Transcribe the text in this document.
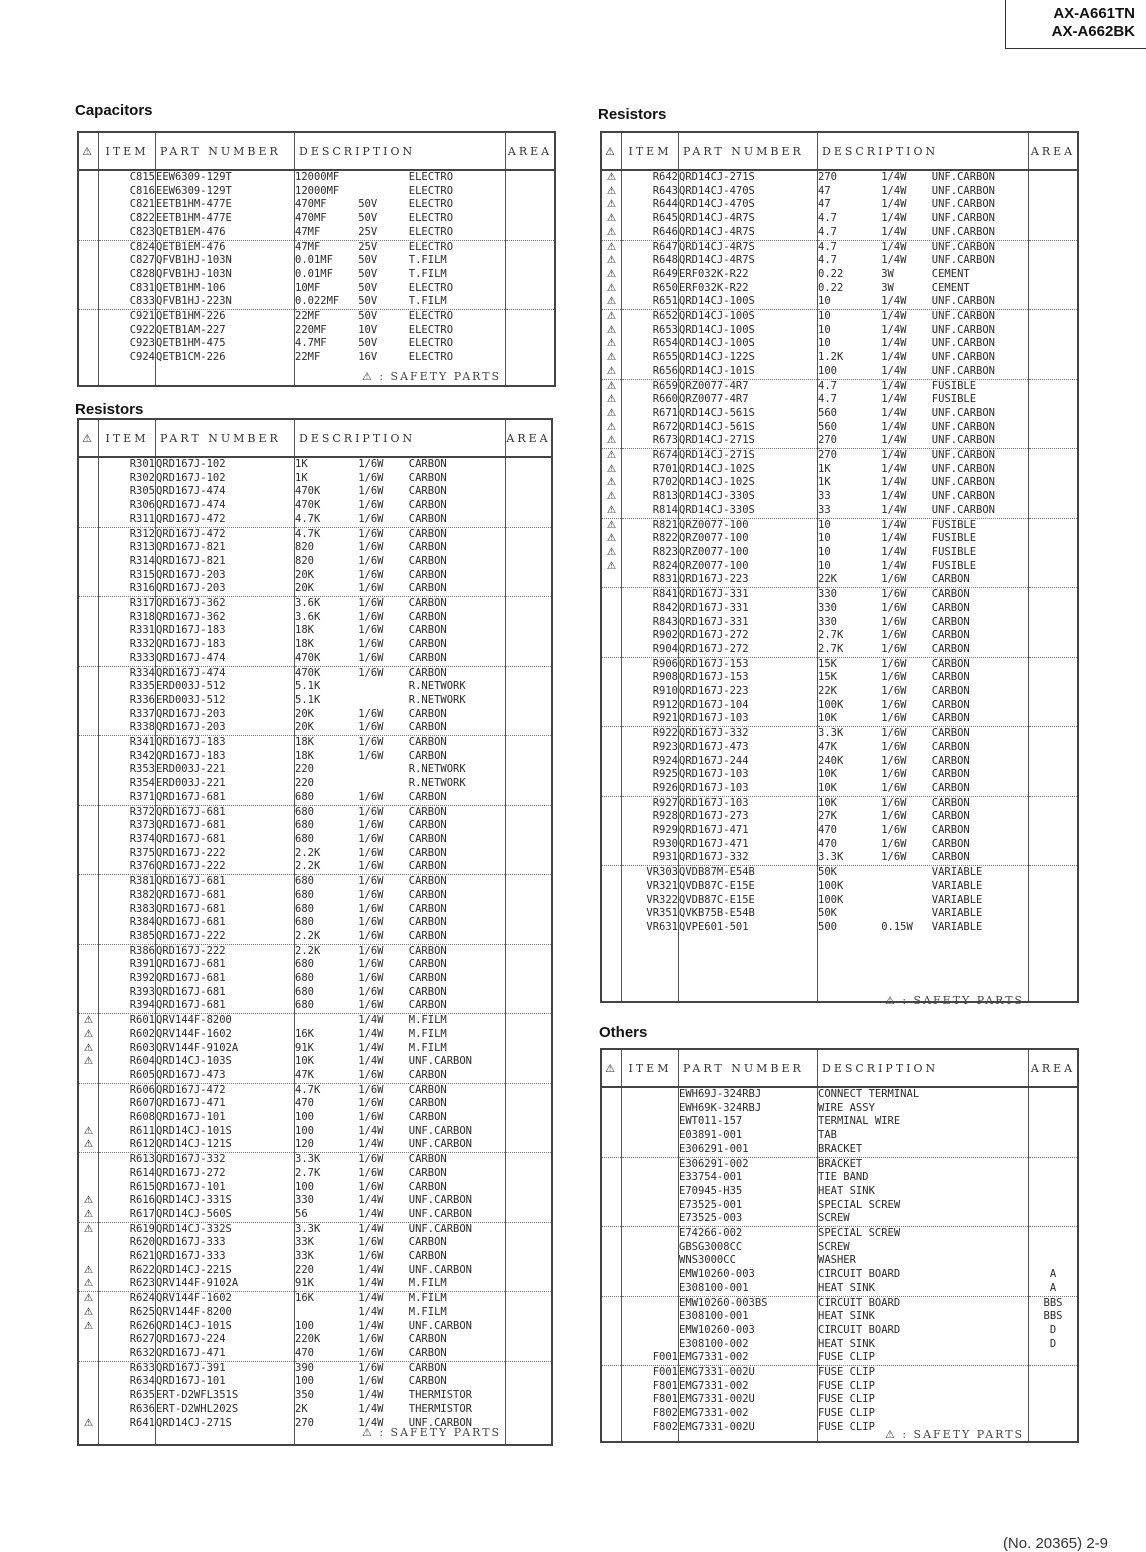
AX-A661TN
AX-A662BK
Capacitors
⚠	ITEM	PART NUMBER	DESCRIPTION	AREA
	C815	EEW6309-129T	12000MF           ELECTRO	
	C816	EEW6309-129T	12000MF           ELECTRO	
	C821	EETB1HM-477E	470MF     50V     ELECTRO	
	C822	EETB1HM-477E	470MF     50V     ELECTRO	
	C823	QETB1EM-476	47MF      25V     ELECTRO	
	C824	QETB1EM-476	47MF      25V     ELECTRO	
	C827	QFVB1HJ-103N	0.01MF    50V     T.FILM	
	C828	QFVB1HJ-103N	0.01MF    50V     T.FILM	
	C831	QETB1HM-106	10MF      50V     ELECTRO	
	C833	QFVB1HJ-223N	0.022MF   50V     T.FILM	
	C921	QETB1HM-226	22MF      50V     ELECTRO	
	C922	QETB1AM-227	220MF     10V     ELECTRO	
	C923	QETB1HM-475	4.7MF     50V     ELECTRO	
	C924	QETB1CM-226	22MF      16V     ELECTRO	

⚠ : SAFETY PARTS
Resistors
⚠	ITEM	PART NUMBER	DESCRIPTION	AREA
	R301	QRD167J-102	1K        1/6W    CARBON	
	R302	QRD167J-102	1K        1/6W    CARBON	
	R305	QRD167J-474	470K      1/6W    CARBON	
	R306	QRD167J-474	470K      1/6W    CARBON	
	R311	QRD167J-472	4.7K      1/6W    CARBON	
	R312	QRD167J-472	4.7K      1/6W    CARBON	
	R313	QRD167J-821	820       1/6W    CARBON	
	R314	QRD167J-821	820       1/6W    CARBON	
	R315	QRD167J-203	20K       1/6W    CARBON	
	R316	QRD167J-203	20K       1/6W    CARBON	
	R317	QRD167J-362	3.6K      1/6W    CARBON	
	R318	QRD167J-362	3.6K      1/6W    CARBON	
	R331	QRD167J-183	18K       1/6W    CARBON	
	R332	QRD167J-183	18K       1/6W    CARBON	
	R333	QRD167J-474	470K      1/6W    CARBON	
	R334	QRD167J-474	470K      1/6W    CARBON	
	R335	ERD003J-512	5.1K              R.NETWORK	
	R336	ERD003J-512	5.1K              R.NETWORK	
	R337	QRD167J-203	20K       1/6W    CARBON	
	R338	QRD167J-203	20K       1/6W    CARBON	
	R341	QRD167J-183	18K       1/6W    CARBON	
	R342	QRD167J-183	18K       1/6W    CARBON	
	R353	ERD003J-221	220               R.NETWORK	
	R354	ERD003J-221	220               R.NETWORK	
	R371	QRD167J-681	680       1/6W    CARBON	
	R372	QRD167J-681	680       1/6W    CARBON	
	R373	QRD167J-681	680       1/6W    CARBON	
	R374	QRD167J-681	680       1/6W    CARBON	
	R375	QRD167J-222	2.2K      1/6W    CARBON	
	R376	QRD167J-222	2.2K      1/6W    CARBON	
	R381	QRD167J-681	680       1/6W    CARBON	
	R382	QRD167J-681	680       1/6W    CARBON	
	R383	QRD167J-681	680       1/6W    CARBON	
	R384	QRD167J-681	680       1/6W    CARBON	
	R385	QRD167J-222	2.2K      1/6W    CARBON	
	R386	QRD167J-222	2.2K      1/6W    CARBON	
	R391	QRD167J-681	680       1/6W    CARBON	
	R392	QRD167J-681	680       1/6W    CARBON	
	R393	QRD167J-681	680       1/6W    CARBON	
	R394	QRD167J-681	680       1/6W    CARBON	
⚠	R601	QRV144F-8200	1/4W    M.FILM	
⚠	R602	QRV144F-1602	16K       1/4W    M.FILM	
⚠	R603	QRV144F-9102A	91K       1/4W    M.FILM	
⚠	R604	QRD14CJ-103S	10K       1/4W    UNF.CARBON	
	R605	QRD167J-473	47K       1/6W    CARBON	
	R606	QRD167J-472	4.7K      1/6W    CARBON	
	R607	QRD167J-471	470       1/6W    CARBON	
	R608	QRD167J-101	100       1/6W    CARBON	
⚠	R611	QRD14CJ-101S	100       1/4W    UNF.CARBON	
⚠	R612	QRD14CJ-121S	120       1/4W    UNF.CARBON	
	R613	QRD167J-332	3.3K      1/6W    CARBON	
	R614	QRD167J-272	2.7K      1/6W    CARBON	
	R615	QRD167J-101	100       1/6W    CARBON	
⚠	R616	QRD14CJ-331S	330       1/4W    UNF.CARBON	
⚠	R617	QRD14CJ-560S	56        1/4W    UNF.CARBON	
⚠	R619	QRD14CJ-332S	3.3K      1/4W    UNF.CARBON	
	R620	QRD167J-333	33K       1/6W    CARBON	
	R621	QRD167J-333	33K       1/6W    CARBON	
⚠	R622	QRD14CJ-221S	220       1/4W    UNF.CARBON	
⚠	R623	QRV144F-9102A	91K       1/4W    M.FILM	
⚠	R624	QRV144F-1602	16K       1/4W    M.FILM	
⚠	R625	QRV144F-8200	1/4W    M.FILM	
⚠	R626	QRD14CJ-101S	100       1/4W    UNF.CARBON	
	R627	QRD167J-224	220K      1/6W    CARBON	
	R632	QRD167J-471	470       1/6W    CARBON	
	R633	QRD167J-391	390       1/6W    CARBON	
	R634	QRD167J-101	100       1/6W    CARBON	
	R635	ERT-D2WFL351S	350       1/4W    THERMISTOR	
	R636	ERT-D2WHL202S	2K        1/4W    THERMISTOR	
⚠	R641	QRD14CJ-271S	270       1/4W    UNF.CARBON	

⚠ : SAFETY PARTS
Resistors
⚠	ITEM	PART NUMBER	DESCRIPTION	AREA
⚠	R642	QRD14CJ-271S	270       1/4W    UNF.CARBON	
⚠	R643	QRD14CJ-470S	47        1/4W    UNF.CARBON	
⚠	R644	QRD14CJ-470S	47        1/4W    UNF.CARBON	
⚠	R645	QRD14CJ-4R7S	4.7       1/4W    UNF.CARBON	
⚠	R646	QRD14CJ-4R7S	4.7       1/4W    UNF.CARBON	
⚠	R647	QRD14CJ-4R7S	4.7       1/4W    UNF.CARBON	
⚠	R648	QRD14CJ-4R7S	4.7       1/4W    UNF.CARBON	
⚠	R649	ERF032K-R22	0.22      3W      CEMENT	
⚠	R650	ERF032K-R22	0.22      3W      CEMENT	
⚠	R651	QRD14CJ-100S	10        1/4W    UNF.CARBON	
⚠	R652	QRD14CJ-100S	10        1/4W    UNF.CARBON	
⚠	R653	QRD14CJ-100S	10        1/4W    UNF.CARBON	
⚠	R654	QRD14CJ-100S	10        1/4W    UNF.CARBON	
⚠	R655	QRD14CJ-122S	1.2K      1/4W    UNF.CARBON	
⚠	R656	QRD14CJ-101S	100       1/4W    UNF.CARBON	
⚠	R659	QRZ0077-4R7	4.7       1/4W    FUSIBLE	
⚠	R660	QRZ0077-4R7	4.7       1/4W    FUSIBLE	
⚠	R671	QRD14CJ-561S	560       1/4W    UNF.CARBON	
⚠	R672	QRD14CJ-561S	560       1/4W    UNF.CARBON	
⚠	R673	QRD14CJ-271S	270       1/4W    UNF.CARBON	
⚠	R674	QRD14CJ-271S	270       1/4W    UNF.CARBON	
⚠	R701	QRD14CJ-102S	1K        1/4W    UNF.CARBON	
⚠	R702	QRD14CJ-102S	1K        1/4W    UNF.CARBON	
⚠	R813	QRD14CJ-330S	33        1/4W    UNF.CARBON	
⚠	R814	QRD14CJ-330S	33        1/4W    UNF.CARBON	
⚠	R821	QRZ0077-100	10        1/4W    FUSIBLE	
⚠	R822	QRZ0077-100	10        1/4W    FUSIBLE	
⚠	R823	QRZ0077-100	10        1/4W    FUSIBLE	
⚠	R824	QRZ0077-100	10        1/4W    FUSIBLE	
	R831	QRD167J-223	22K       1/6W    CARBON	
	R841	QRD167J-331	330       1/6W    CARBON	
	R842	QRD167J-331	330       1/6W    CARBON	
	R843	QRD167J-331	330       1/6W    CARBON	
	R902	QRD167J-272	2.7K      1/6W    CARBON	
	R904	QRD167J-272	2.7K      1/6W    CARBON	
	R906	QRD167J-153	15K       1/6W    CARBON	
	R908	QRD167J-153	15K       1/6W    CARBON	
	R910	QRD167J-223	22K       1/6W    CARBON	
	R912	QRD167J-104	100K      1/6W    CARBON	
	R921	QRD167J-103	10K       1/6W    CARBON	
	R922	QRD167J-332	3.3K      1/6W    CARBON	
	R923	QRD167J-473	47K       1/6W    CARBON	
	R924	QRD167J-244	240K      1/6W    CARBON	
	R925	QRD167J-103	10K       1/6W    CARBON	
	R926	QRD167J-103	10K       1/6W    CARBON	
	R927	QRD167J-103	10K       1/6W    CARBON	
	R928	QRD167J-273	27K       1/6W    CARBON	
	R929	QRD167J-471	470       1/6W    CARBON	
	R930	QRD167J-471	470       1/6W    CARBON	
	R931	QRD167J-332	3.3K      1/6W    CARBON	
	VR303	QVDB87M-E54B	50K               VARIABLE	
	VR321	QVDB87C-E15E	100K              VARIABLE	
	VR322	QVDB87C-E15E	100K              VARIABLE	
	VR351	QVKB75B-E54B	50K               VARIABLE	
	VR631	QVPE601-501	500       0.15W   VARIABLE	

⚠ : SAFETY PARTS
Others
⚠	ITEM	PART NUMBER	DESCRIPTION	AREA
		EWH69J-324RBJ	CONNECT TERMINAL	
		EWH69K-324RBJ	WIRE ASSY	
		EWT011-157	TERMINAL WIRE	
		E03891-001	TAB	
		E306291-001	BRACKET	
		E306291-002	BRACKET	
		E33754-001	TIE BAND	
		E70945-H35	HEAT SINK	
		E73525-001	SPECIAL SCREW	
		E73525-003	SCREW	
		E74266-002	SPECIAL SCREW	
		GBSG3008CC	SCREW	
		WNS3000CC	WASHER	
		EMW10260-003	CIRCUIT BOARD	A
		E308100-001	HEAT SINK	A
		EMW10260-003BS	CIRCUIT BOARD	BBS
		E308100-001	HEAT SINK	BBS
		EMW10260-003	CIRCUIT BOARD	D
		E308100-002	HEAT SINK	D
	F001	EMG7331-002	FUSE CLIP	
	F001	EMG7331-002U	FUSE CLIP	
	F801	EMG7331-002	FUSE CLIP	
	F801	EMG7331-002U	FUSE CLIP	
	F802	EMG7331-002	FUSE CLIP	
	F802	EMG7331-002U	FUSE CLIP	

⚠ : SAFETY PARTS
(No. 20365) 2-9
